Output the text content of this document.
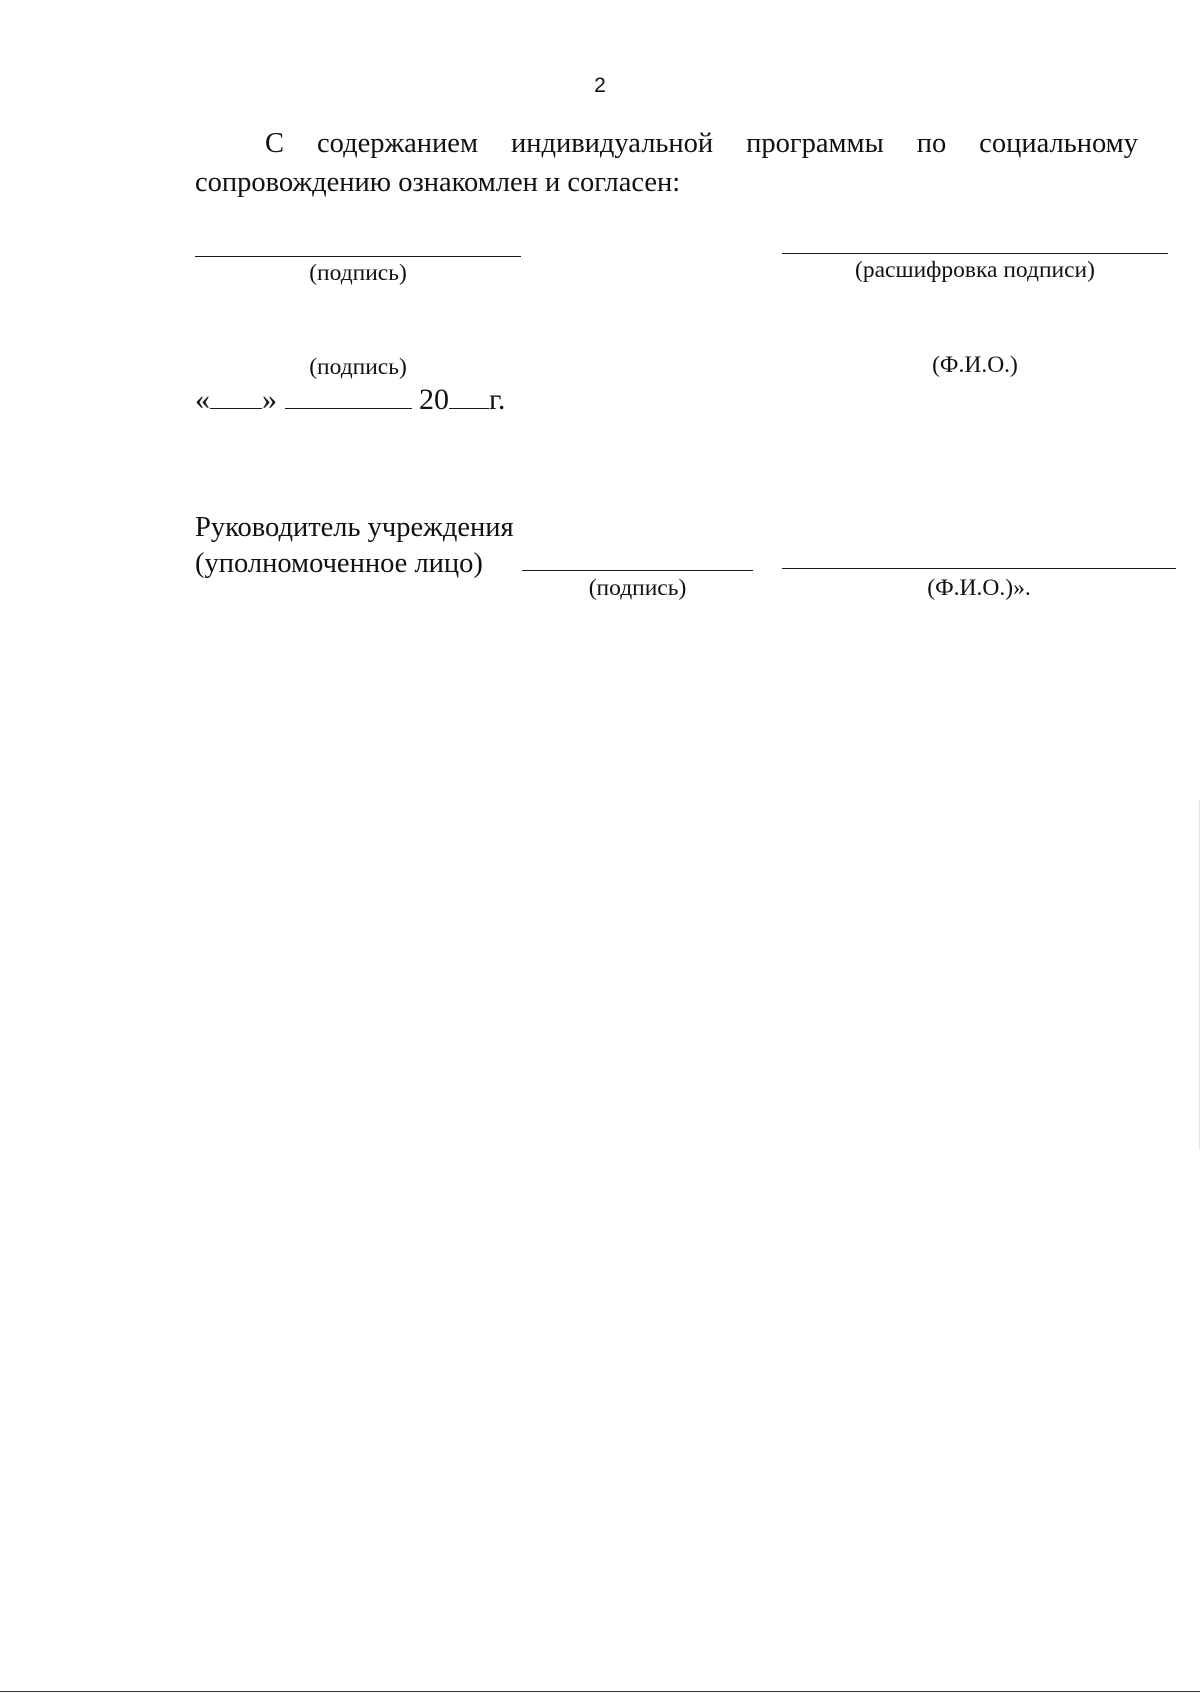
2
С содержанием индивидуальной программы по социальному
сопровождению ознакомлен и согласен:
(подпись)	(расшифровка подписи)
(подпись)	(Ф.И.О.)
« »	20 г.
Руководитель учреждения
(уполномоченное лицо)
(подпись)	(Ф.И.О.)».
